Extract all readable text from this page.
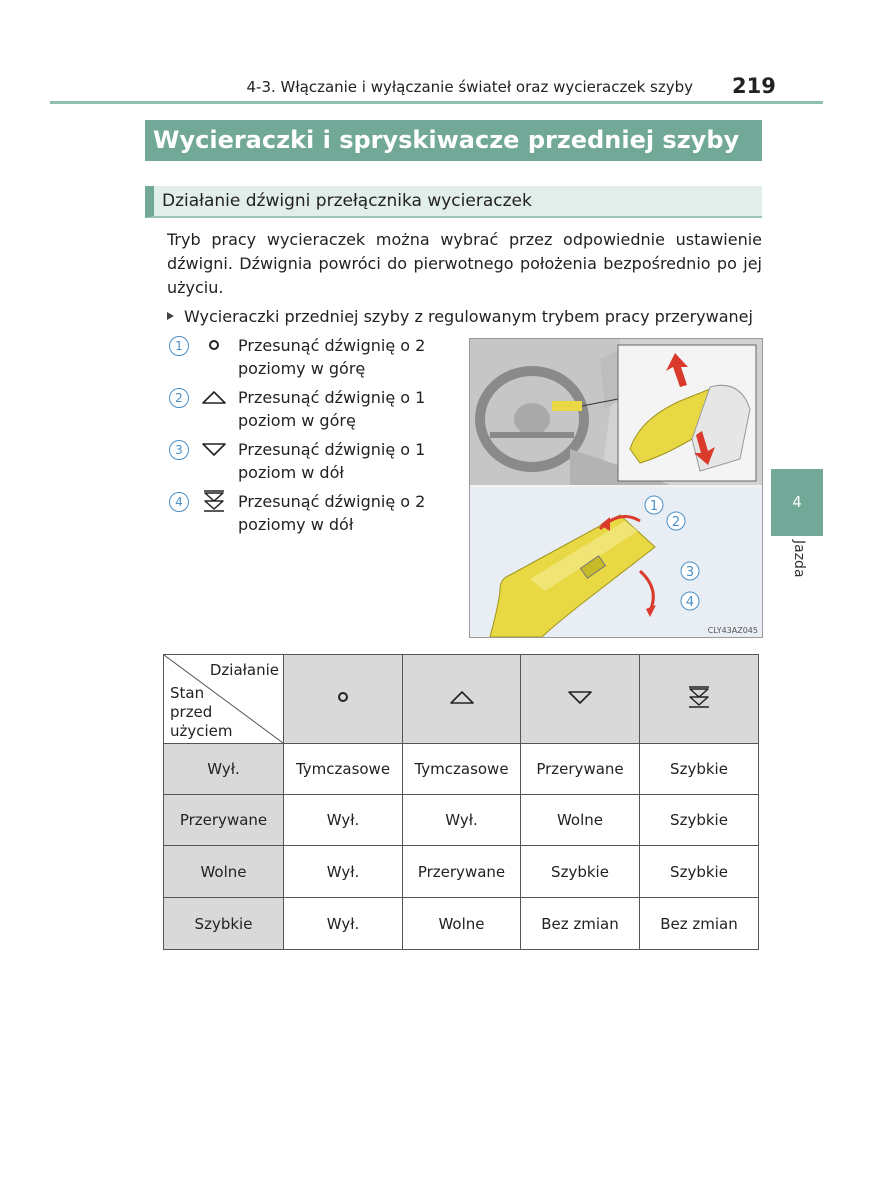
4-3. Włączanie i wyłączanie świateł oraz wycieraczek szyby 219
Wycieraczki i spryskiwacze przedniej szyby
Działanie dźwigni przełącznika wycieraczek
Tryb pracy wycieraczek można wybrać przez odpowiednie ustawienie dźwigni. Dźwignia powróci do pierwotnego położenia bezpośrednio po jej użyciu.
Wycieraczki przedniej szyby z regulowanym trybem pracy przerywanej
1	Przesunąć dźwignię o 2 poziomy w górę
2	Przesunąć dźwignię o 1 poziom w górę
3	Przesunąć dźwignię o 1 poziom w dół
4	Przesunąć dźwignię o 2 poziomy w dół
1
2
3
4
CLY43AZ045
4
Jazda
Działanie
Stan
przed
użyciem

Wył.	Tymczasowe	Tymczasowe	Przerywane	Szybkie
Przerywane	Wył.	Wył.	Wolne	Szybkie
Wolne	Wył.	Przerywane	Szybkie	Szybkie
Szybkie	Wył.	Wolne	Bez zmian	Bez zmian
